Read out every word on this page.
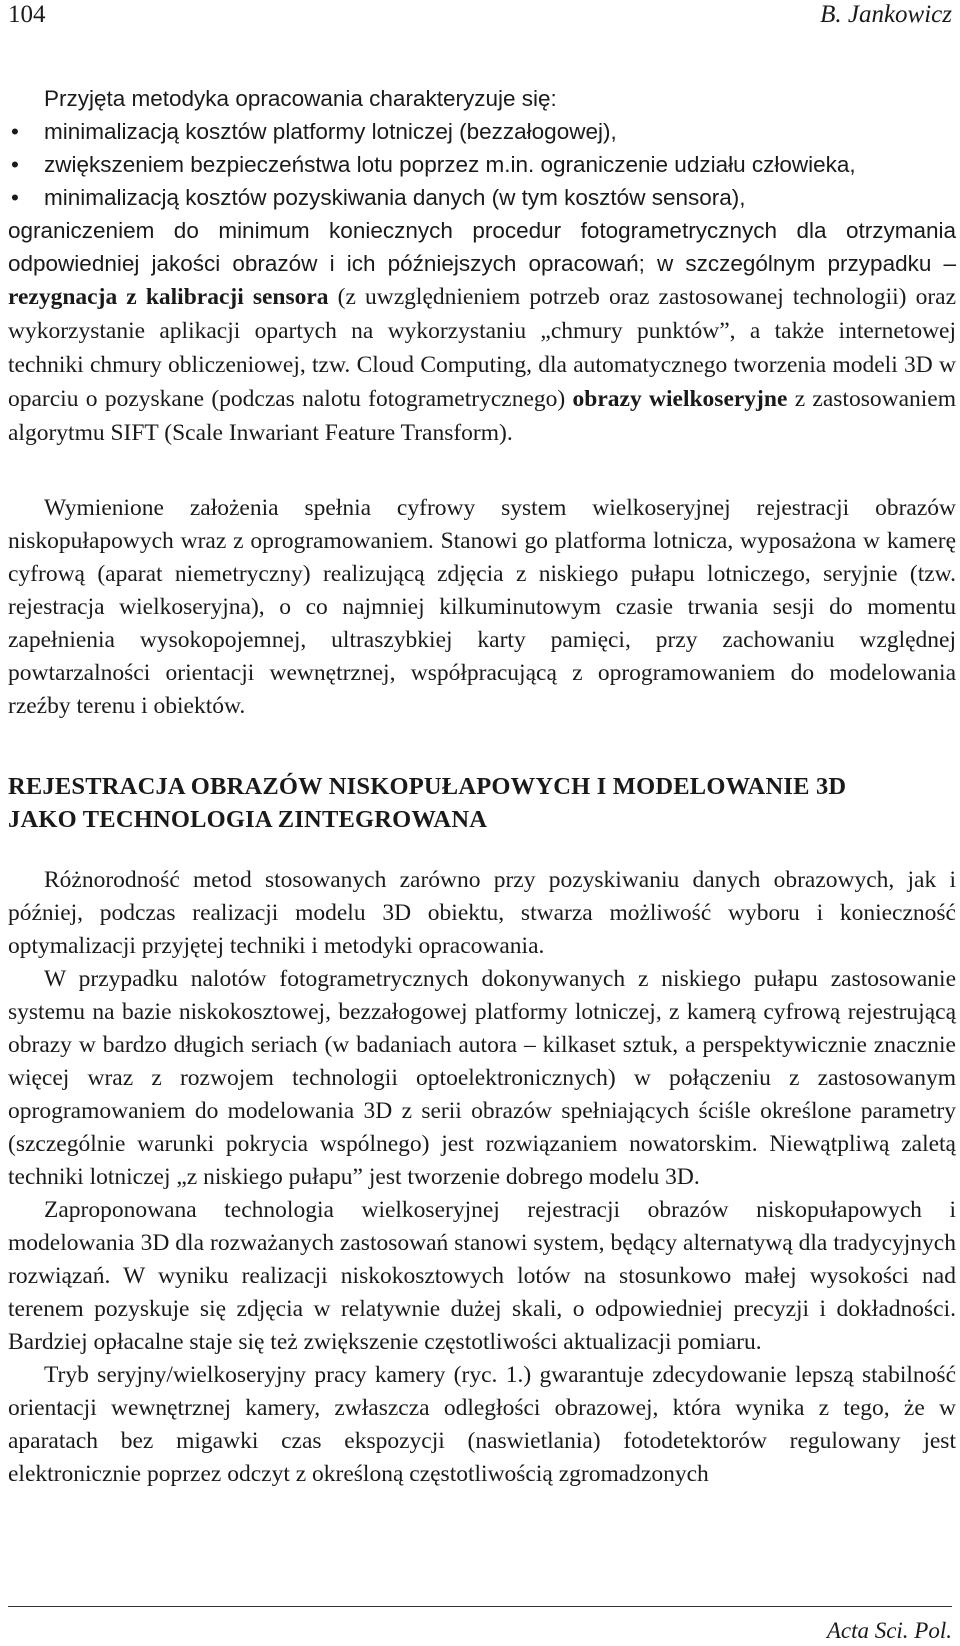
104	B. Jankowicz

Przyjęta metodyka opracowania charakteryzuje się:

• minimalizacją kosztów platformy lotniczej (bezzałogowej),
• zwiększeniem bezpieczeństwa lotu poprzez m.in. ograniczenie udziału człowieka,
• minimalizacją kosztów pozyskiwania danych (w tym kosztów sensora),
ograniczeniem do minimum koniecznych procedur fotogrametrycznych dla otrzymania odpowiedniej jakości obrazów i ich późniejszych opracowań; w szczególnym przypadku – rezygnacja z kalibracji sensora (z uwzględnieniem potrzeb oraz zastosowanej technologii) oraz wykorzystanie aplikacji opartych na wykorzystaniu „chmury punktów”, a także internetowej techniki chmury obliczeniowej, tzw. Cloud Computing, dla automatycznego tworzenia modeli 3D w oparciu o pozyskane (podczas nalotu fotogrametrycznego) obrazy wielkoseryjne z zastosowaniem algorytmu SIFT (Scale Inwariant Feature Transform).

Wymienione założenia spełnia cyfrowy system wielkoseryjnej rejestracji obrazów niskopułapowych wraz z oprogramowaniem. Stanowi go platforma lotnicza, wyposażona w kamerę cyfrową (aparat niemetryczny) realizującą zdjęcia z niskiego pułapu lotniczego, seryjnie (tzw. rejestracja wielkoseryjna), o co najmniej kilkuminutowym czasie trwania sesji do momentu zapełnienia wysokopojemnej, ultraszybkiej karty pamięci, przy zachowaniu względnej powtarzalności orientacji wewnętrznej, współpracującą z oprogramowaniem do modelowania rzeźby terenu i obiektów.

REJESTRACJA OBRAZÓW NISKOPUŁAPOWYCH I MODELOWANIE 3D
JAKO TECHNOLOGIA ZINTEGROWANA

Różnorodność metod stosowanych zarówno przy pozyskiwaniu danych obrazowych, jak i później, podczas realizacji modelu 3D obiektu, stwarza możliwość wyboru i konieczność optymalizacji przyjętej techniki i metodyki opracowania.

W przypadku nalotów fotogrametrycznych dokonywanych z niskiego pułapu zastosowanie systemu na bazie niskokosztowej, bezzałogowej platformy lotniczej, z kamerą cyfrową rejestrującą obrazy w bardzo długich seriach (w badaniach autora – kilkaset sztuk, a perspektywicznie znacznie więcej wraz z rozwojem technologii optoelektronicznych) w połączeniu z zastosowanym oprogramowaniem do modelowania 3D z serii obrazów spełniających ściśle określone parametry (szczególnie warunki pokrycia wspólnego) jest rozwiązaniem nowatorskim. Niewątpliwą zaletą techniki lotniczej „z niskiego pułapu” jest tworzenie dobrego modelu 3D.

Zaproponowana technologia wielkoseryjnej rejestracji obrazów niskopułapowych i modelowania 3D dla rozważanych zastosowań stanowi system, będący alternatywą dla tradycyjnych rozwiązań. W wyniku realizacji niskokosztowych lotów na stosunkowo małej wysokości nad terenem pozyskuje się zdjęcia w relatywnie dużej skali, o odpowiedniej precyzji i dokładności. Bardziej opłacalne staje się też zwiększenie częstotliwości aktualizacji pomiaru.

Tryb seryjny/wielkoseryjny pracy kamery (ryc. 1.) gwarantuje zdecydowanie lepszą stabilność orientacji wewnętrznej kamery, zwłaszcza odległości obrazowej, która wynika z tego, że w aparatach bez migawki czas ekspozycji (naswietlania) fotodetektorów regulowany jest elektronicznie poprzez odczyt z określoną częstotliwością zgromadzonych

Acta Sci. Pol.
